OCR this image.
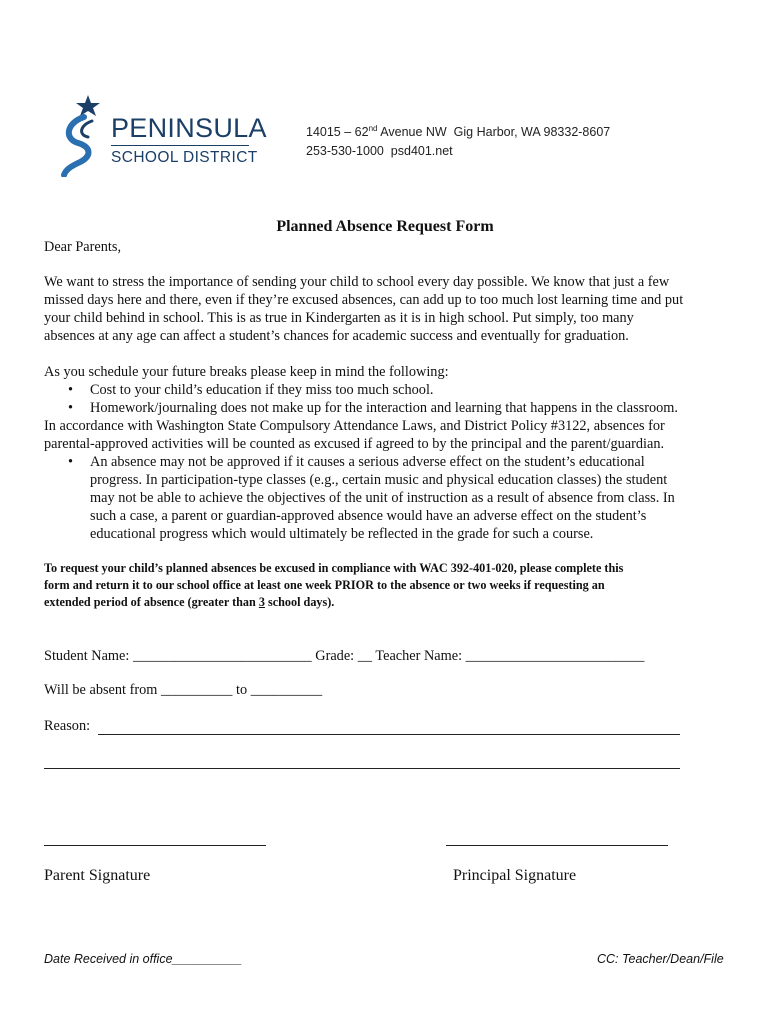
PENINSULA
SCHOOL DISTRICT
14015 – 62nd Avenue NW  Gig Harbor, WA 98332-8607
253-530-1000  psd401.net
Planned Absence Request Form
Dear Parents,
We want to stress the importance of sending your child to school every day possible. We know that just a few
missed days here and there, even if they’re excused absences, can add up to too much lost learning time and put
your child behind in school. This is as true in Kindergarten as it is in high school. Put simply, too many
absences at any age can affect a student’s chances for academic success and eventually for graduation.
As you schedule your future breaks please keep in mind the following:
• Cost to your child’s education if they miss too much school.
• Homework/journaling does not make up for the interaction and learning that happens in the classroom.
In accordance with Washington State Compulsory Attendance Laws, and District Policy #3122, absences for
parental-approved activities will be counted as excused if agreed to by the principal and the parent/guardian.
• An absence may not be approved if it causes a serious adverse effect on the student’s educational
progress. In participation-type classes (e.g., certain music and physical education classes) the student
may not be able to achieve the objectives of the unit of instruction as a result of absence from class. In
such a case, a parent or guardian-approved absence would have an adverse effect on the student’s
educational progress which would ultimately be reflected in the grade for such a course.
To request your child’s planned absences be excused in compliance with WAC 392-401-020, please complete this
form and return it to our school office at least one week PRIOR to the absence or two weeks if requesting an
extended period of absence (greater than 3 school days).
Student Name: _________________________ Grade: __ Teacher Name: _________________________
Will be absent from __________ to __________
Reason:
Parent Signature	Principal Signature
Date Received in office__________	CC: Teacher/Dean/File
